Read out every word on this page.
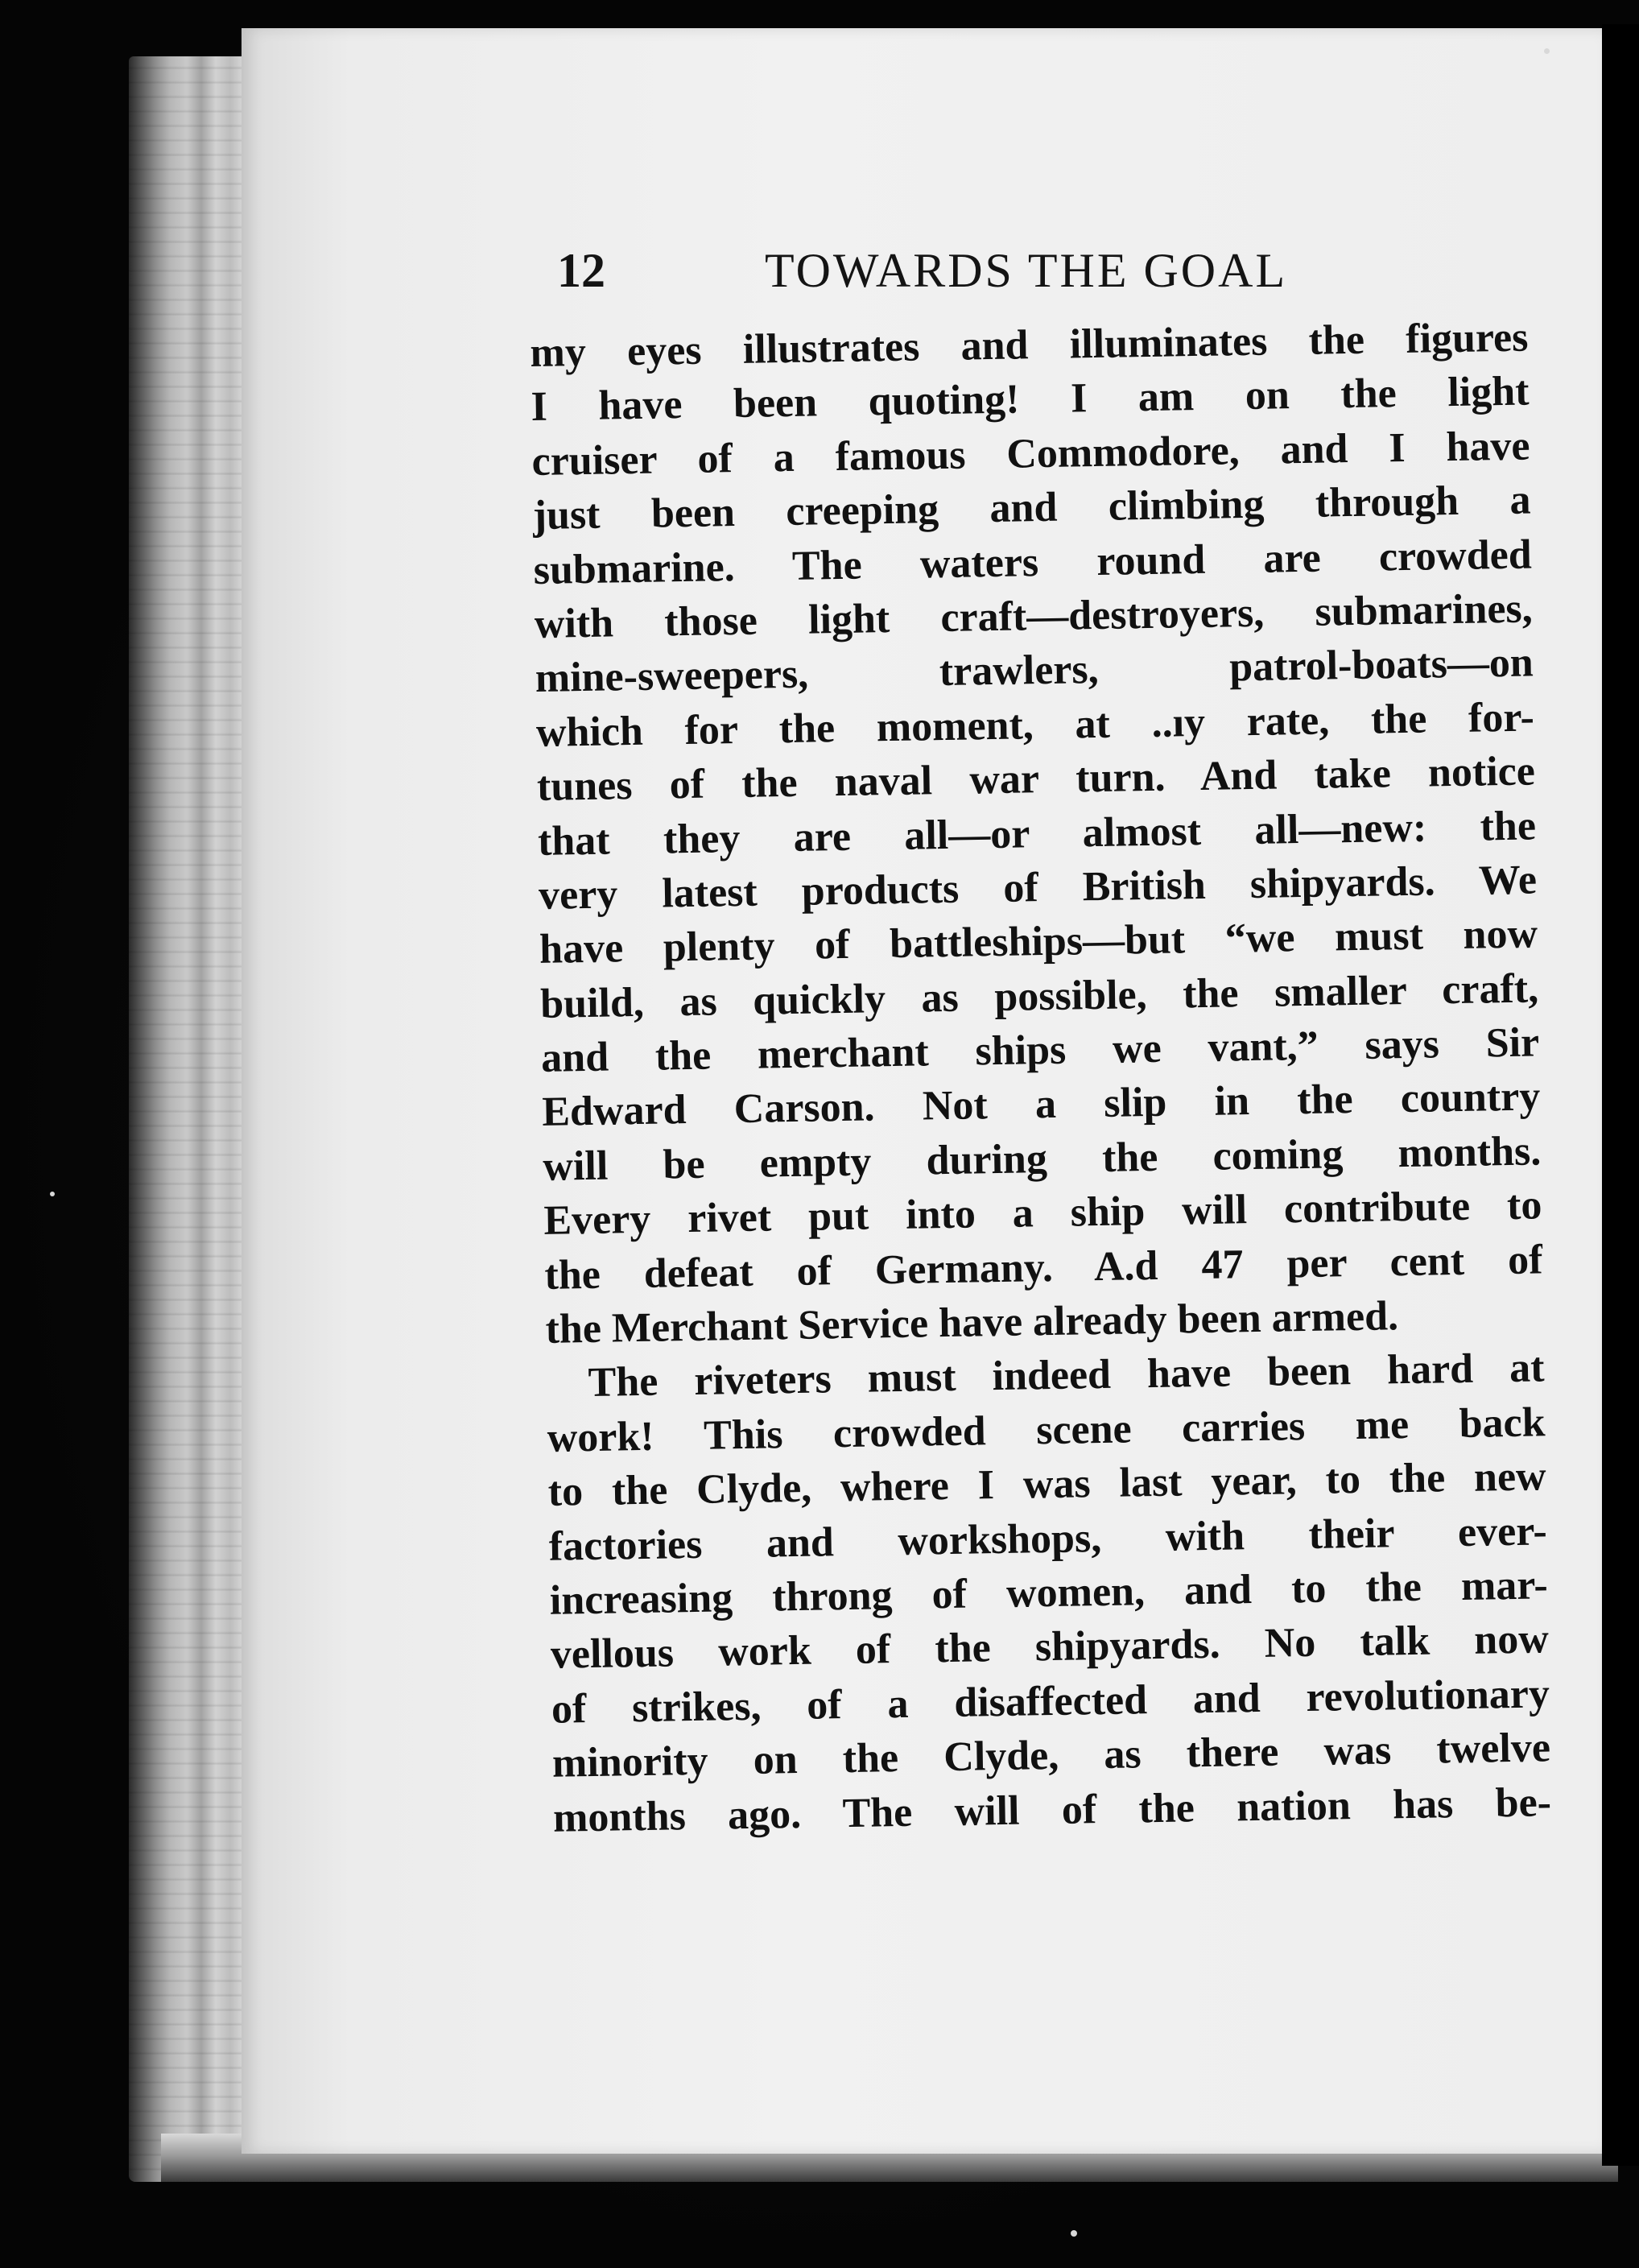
12	TOWARDS THE GOAL
my eyes illustrates and illuminates the figures
I have been quoting! I am on the light
cruiser of a famous Commodore, and I have
just been creeping and climbing through a
submarine. The waters round are crowded
with those light craft—destroyers, submarines,
mine-sweepers, trawlers, patrol-boats—on
which for the moment, at ..ıy rate, the for-
tunes of the naval war turn. And take notice
that they are all—or almost all—new: the
very latest products of British shipyards. We
have plenty of battleships—but “we must now
build, as quickly as possible, the smaller craft,
and the merchant ships we vant,” says Sir
Edward Carson. Not a slip in the country
will be empty during the coming months.
Every rivet put into a ship will contribute to
the defeat of Germany. A.d 47 per cent of
the Merchant Service have already been armed.
The riveters must indeed have been hard at
work! This crowded scene carries me back
to the Clyde, where I was last year, to the new
factories and workshops, with their ever-
increasing throng of women, and to the mar-
vellous work of the shipyards. No talk now
of strikes, of a disaffected and revolutionary
minority on the Clyde, as there was twelve
months ago. The will of the nation has be-
